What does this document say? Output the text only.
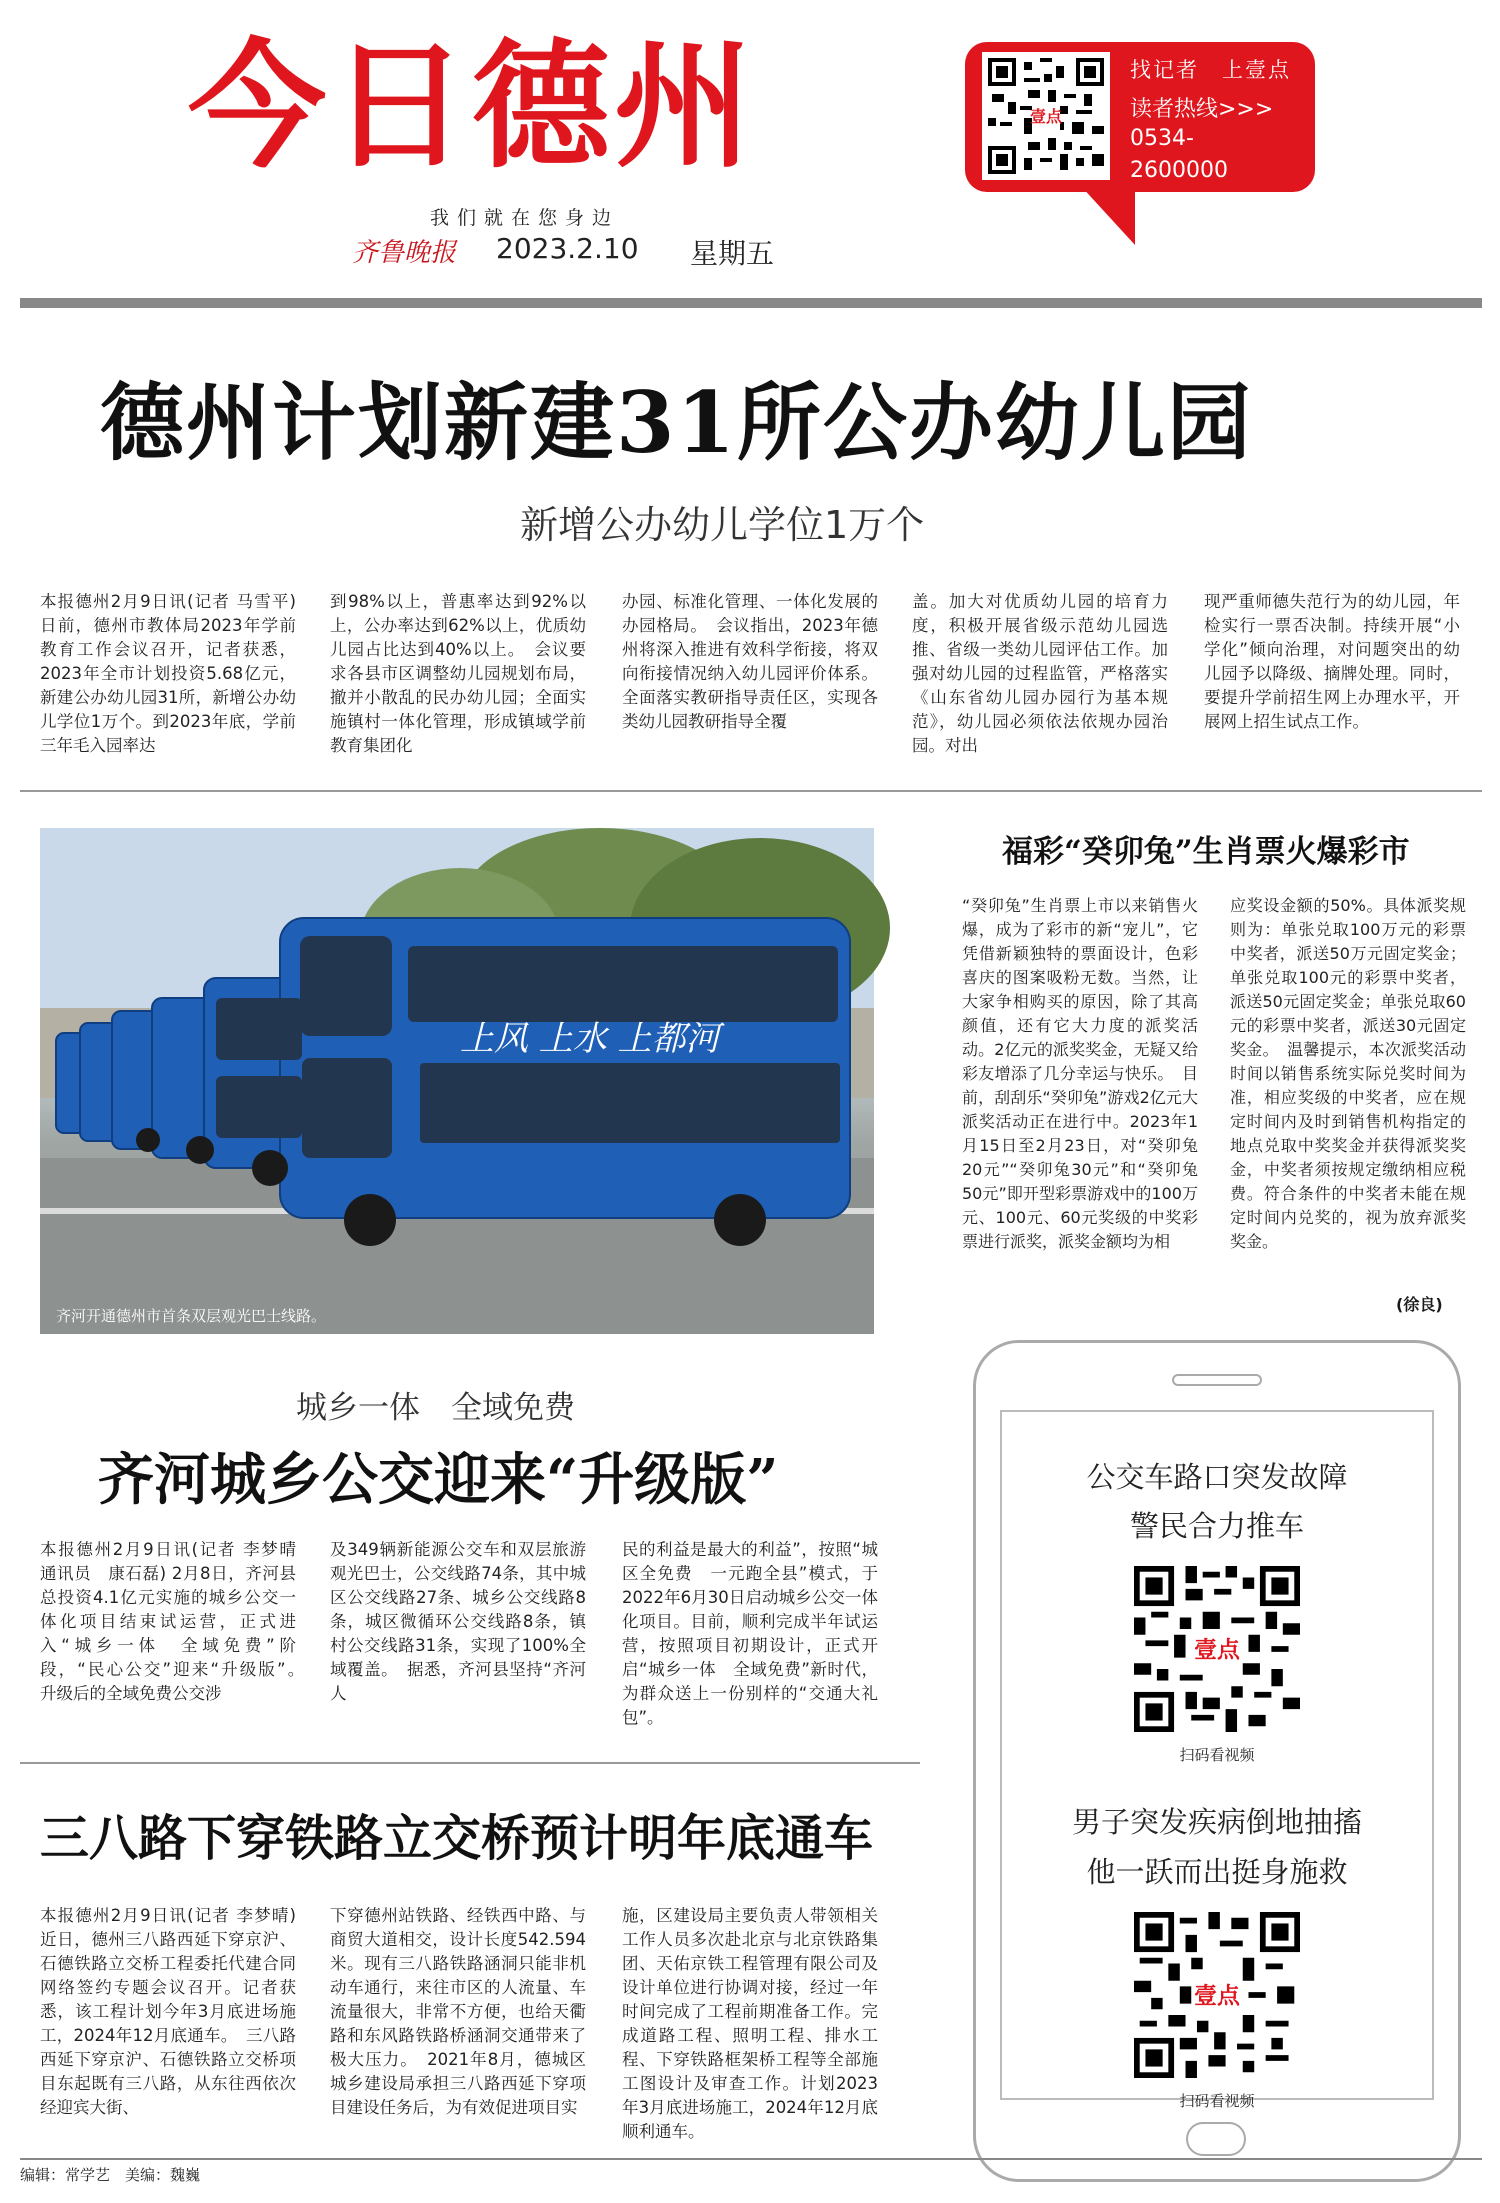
今日德州
我们就在您身边
齐鲁晚报 2023.2.10 星期五
壹点
找记者　上壹点
读者热线>>>
0534-
2600000
德州计划新建31所公办幼儿园
新增公办幼儿学位1万个
本报德州2月9日讯(记者 马雪平) 日前，德州市教体局2023年学前教育工作会议召开，记者获悉，2023年全市计划投资5.68亿元，新建公办幼儿园31所，新增公办幼儿学位1万个。到2023年底，学前三年毛入园率达
到98%以上，普惠率达到92%以上，公办率达到62%以上，优质幼儿园占比达到40%以上。　会议要求各县市区调整幼儿园规划布局，撤并小散乱的民办幼儿园；全面实施镇村一体化管理，形成镇域学前教育集团化
办园、标准化管理、一体化发展的办园格局。　会议指出，2023年德州将深入推进有效科学衔接，将双向衔接情况纳入幼儿园评价体系。全面落实教研指导责任区，实现各类幼儿园教研指导全覆
盖。加大对优质幼儿园的培育力度，积极开展省级示范幼儿园选推、省级一类幼儿园评估工作。加强对幼儿园的过程监管，严格落实《山东省幼儿园办园行为基本规范》，幼儿园必须依法依规办园治园。对出
现严重师德失范行为的幼儿园，年检实行一票否决制。持续开展“小学化”倾向治理，对问题突出的幼儿园予以降级、摘牌处理。同时，要提升学前招生网上办理水平，开展网上招生试点工作。
上风 上水 上都河
齐河开通德州市首条双层观光巴士线路。
福彩“癸卯兔”生肖票火爆彩市
“癸卯兔”生肖票上市以来销售火爆，成为了彩市的新“宠儿”，它凭借新颖独特的票面设计，色彩喜庆的图案吸粉无数。当然，让大家争相购买的原因，除了其高颜值，还有它大力度的派奖活动。2亿元的派奖奖金，无疑又给彩友增添了几分幸运与快乐。　目前，刮刮乐“癸卯兔”游戏2亿元大派奖活动正在进行中。2023年1月15日至2月23日，对“癸卯兔20元”“癸卯兔30元”和“癸卯兔50元”即开型彩票游戏中的100万元、100元、60元奖级的中奖彩票进行派奖，派奖金额均为相
应奖设金额的50%。具体派奖规则为：单张兑取100万元的彩票中奖者，派送50万元固定奖金；单张兑取100元的彩票中奖者，派送50元固定奖金；单张兑取60元的彩票中奖者，派送30元固定奖金。　温馨提示，本次派奖活动时间以销售系统实际兑奖时间为准，相应奖级的中奖者，应在规定时间内及时到销售机构指定的地点兑取中奖奖金并获得派奖奖金，中奖者须按规定缴纳相应税费。符合条件的中奖者未能在规定时间内兑奖的，视为放弃派奖奖金。
(徐良)
城乡一体　全域免费
齐河城乡公交迎来“升级版”
本报德州2月9日讯(记者 李梦晴　通讯员　康石磊) 2月8日，齐河县总投资4.1亿元实施的城乡公交一体化项目结束试运营，正式进入“城乡一体　全域免费”阶段，“民心公交”迎来“升级版”。　升级后的全域免费公交涉
及349辆新能源公交车和双层旅游观光巴士，公交线路74条，其中城区公交线路27条、城乡公交线路8条，城区微循环公交线路8条，镇村公交线路31条，实现了100%全域覆盖。　据悉，齐河县坚持“齐河人
民的利益是最大的利益”，按照“城区全免费　一元跑全县”模式，于2022年6月30日启动城乡公交一体化项目。目前，顺利完成半年试运营，按照项目初期设计，正式开启“城乡一体　全域免费”新时代，为群众送上一份别样的“交通大礼包”。
三八路下穿铁路立交桥预计明年底通车
本报德州2月9日讯(记者 李梦晴) 近日，德州三八路西延下穿京沪、石德铁路立交桥工程委托代建合同网络签约专题会议召开。记者获悉，该工程计划今年3月底进场施工，2024年12月底通车。　三八路西延下穿京沪、石德铁路立交桥项目东起既有三八路，从东往西依次经迎宾大街、
下穿德州站铁路、经铁西中路、与商贸大道相交，设计长度542.594米。现有三八路铁路涵洞只能非机动车通行，来往市区的人流量、车流量很大，非常不方便，也给天衢路和东风路铁路桥涵洞交通带来了极大压力。　2021年8月，德城区城乡建设局承担三八路西延下穿项目建设任务后，为有效促进项目实
施，区建设局主要负责人带领相关工作人员多次赴北京与北京铁路集团、天佑京铁工程管理有限公司及设计单位进行协调对接，经过一年时间完成了工程前期准备工作。完成道路工程、照明工程、排水工程、下穿铁路框架桥工程等全部施工图设计及审查工作。计划2023年3月底进场施工，2024年12月底顺利通车。
公交车路口突发故障
警民合力推车
壹点
扫码看视频
男子突发疾病倒地抽搐
他一跃而出挺身施救
壹点
扫码看视频
编辑：常学艺　美编：魏巍
